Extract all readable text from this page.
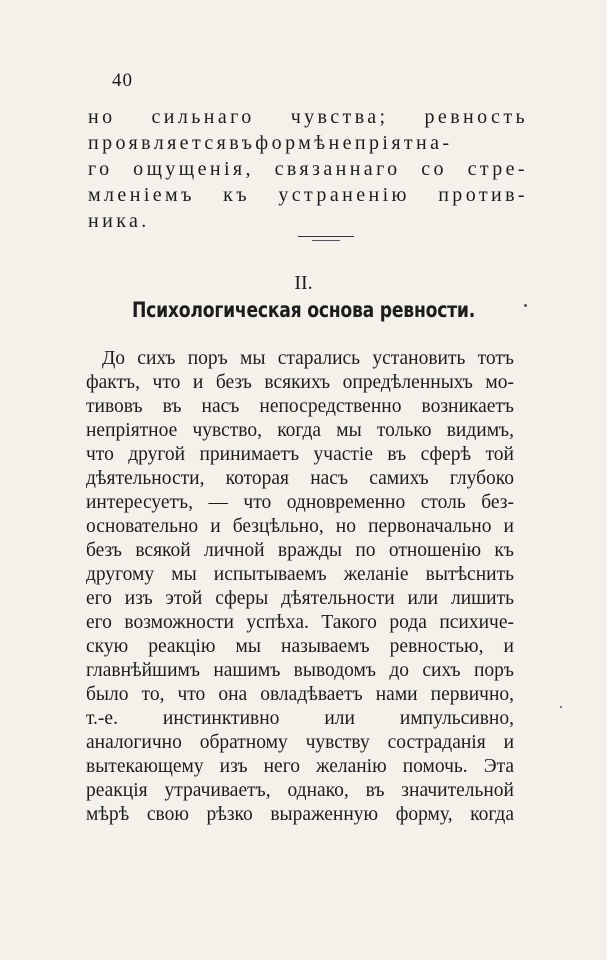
40
но сильнаго чувства; ревность
проявляетсявъформѣнепріятна-
го ощущенія, связаннаго со стре-
мленіемъ къ устраненію против-
ника.
II.
Психологическая основа ревности.
До сихъ поръ мы старались установить тотъ
фактъ, что и безъ всякихъ опредѣленныхъ мо-
тивовъ въ насъ непосредственно возникаетъ
непріятное чувство, когда мы только видимъ,
что другой принимаетъ участіе въ сферѣ той
дѣятельности, которая насъ самихъ глубоко
интересуетъ, — что одновременно столь без-
основательно и безцѣльно, но первоначально и
безъ всякой личной вражды по отношенію къ
другому мы испытываемъ желаніе вытѣснить
его изъ этой сферы дѣятельности или лишить
его возможности успѣха. Такого рода психиче-
скую реакцію мы называемъ ревностью, и
главнѣйшимъ нашимъ выводомъ до сихъ поръ
было то, что она овладѣваетъ нами первично,
т.-е. инстинктивно или импульсивно,
аналогично обратному чувству состраданія и
вытекающему изъ него желанію помочь. Эта
реакція утрачиваетъ, однако, въ значительной
мѣрѣ свою рѣзко выраженную форму, когда
